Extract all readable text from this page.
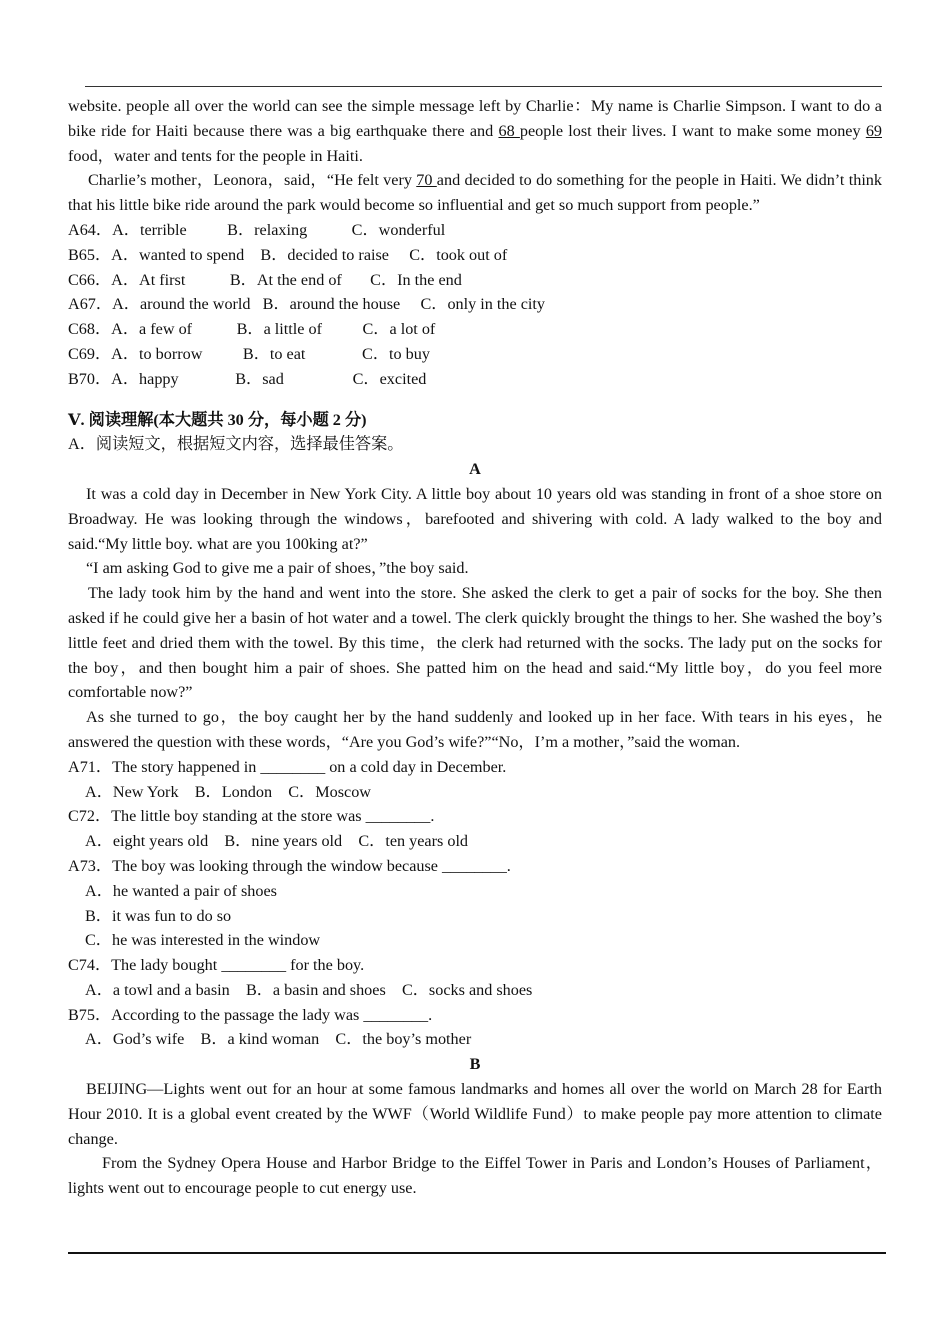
website. people all over the world can see the simple message left by Charlie：My name is Charlie Simpson. I want to do a bike ride for Haiti because there was a big earthquake there and 68 people lost their lives. I want to make some money 69 food，water and tents for the people in Haiti.

Charlie’s mother，Leonora，said，“He felt very 70 and decided to do something for the people in Haiti. We didn’t think that his little bike ride around the park would become so influential and get so much support from people.”

A64．A．terrible          B．relaxing           C．wonderful

B65．A．wanted to spend    B．decided to raise     C．took out of

C66．A．At first           B．At the end of       C．In the end

A67．A．around the world   B．around the house     C．only in the city

C68．A．a few of           B．a little of          C．a lot of

C69．A．to borrow          B．to eat              C．to buy

B70．A．happy              B．sad                 C．excited

Ⅴ. 阅读理解(本大题共 30 分，每小题 2 分)

A．阅读短文，根据短文内容，选择最佳答案。

A

It was a cold day in December in New York City. A little boy about 10 years old was standing in front of a shoe store on Broadway. He was looking through the windows，barefooted and shivering with cold. A lady walked to the boy and said.“My little boy. what are you 100king at?”

“I am asking God to give me a pair of shoes，”the boy said.

The lady took him by the hand and went into the store. She asked the clerk to get a pair of socks for the boy. She then asked if he could give her a basin of hot water and a towel. The clerk quickly brought the things to her. She washed the boy’s little feet and dried them with the towel. By this time，the clerk had returned with the socks. The lady put on the socks for the boy，and then bought him a pair of shoes. She patted him on the head and said.“My little boy，do you feel more comfortable now?”

As she turned to go，the boy caught her by the hand suddenly and looked up in her face. With tears in his eyes，he answered the question with these words，“Are you God’s wife?”“No，I’m a mother，”said the woman.

A71．The story happened in ________ on a cold day in December.

A．New York    B．London    C．Moscow

C72．The little boy standing at the store was ________.

A．eight years old    B．nine years old    C．ten years old

A73．The boy was looking through the window because ________.

A．he wanted a pair of shoes

B．it was fun to do so

C．he was interested in the window

C74．The lady bought ________ for the boy.

A．a towl and a basin    B．a basin and shoes    C．socks and shoes

B75．According to the passage the lady was ________.

A．God’s wife    B．a kind woman    C．the boy’s mother

B

BEIJING—Lights went out for an hour at some famous landmarks and homes all over the world on March 28 for Earth Hour 2010. It is a global event created by the WWF（World Wildlife Fund）to make people pay more attention to climate change.

From the Sydney Opera House and Harbor Bridge to the Eiffel Tower in Paris and London’s Houses of Parliament，lights went out to encourage people to cut energy use.
